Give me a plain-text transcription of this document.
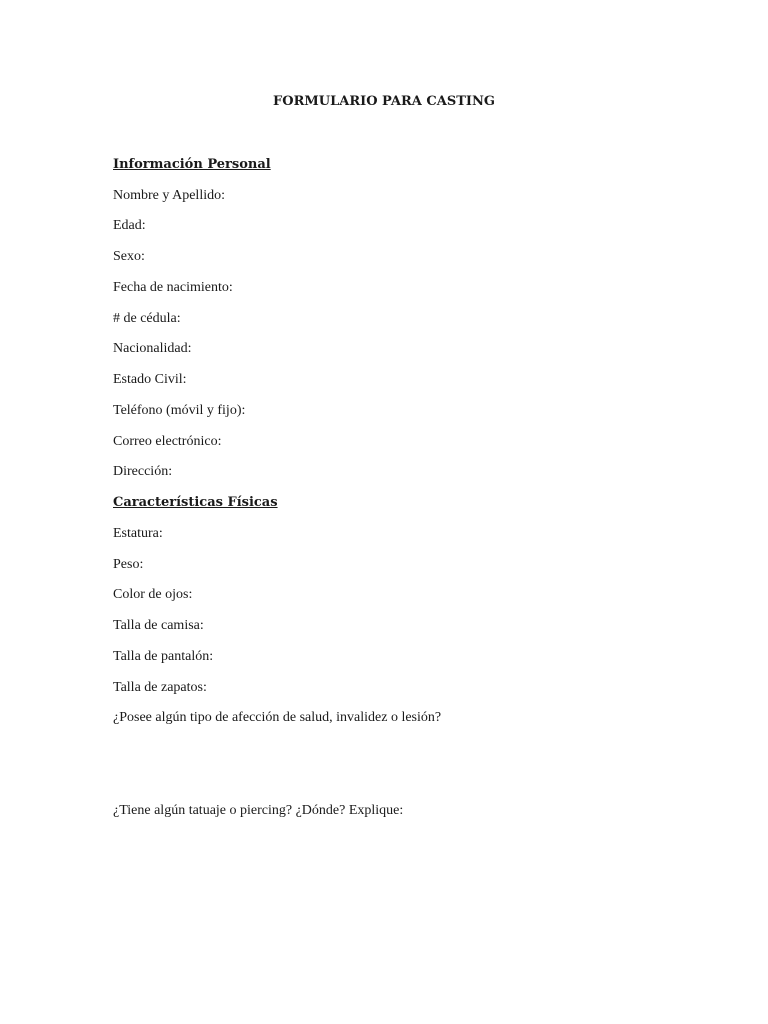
FORMULARIO PARA CASTING
Información Personal
Nombre y Apellido:
Edad:
Sexo:
Fecha de nacimiento:
# de cédula:
Nacionalidad:
Estado Civil:
Teléfono (móvil y fijo):
Correo electrónico:
Dirección:
Características Físicas
Estatura:
Peso:
Color de ojos:
Talla de camisa:
Talla de pantalón:
Talla de zapatos:
¿Posee algún tipo de afección de salud, invalidez o lesión?
¿Tiene algún tatuaje o piercing? ¿Dónde? Explique:
